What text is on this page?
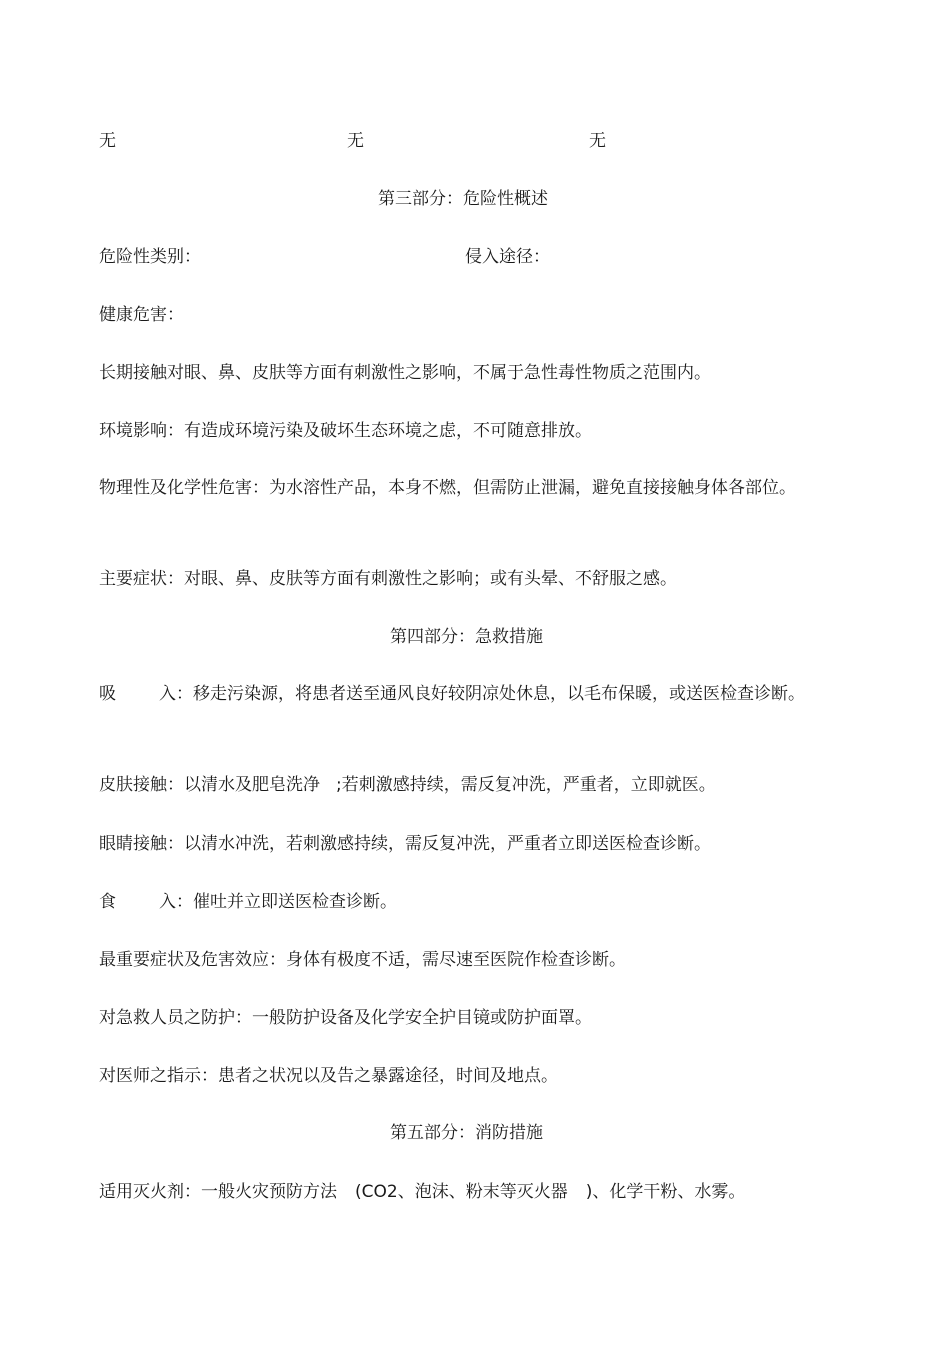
无	无	无
第三部分：危险性概述
危险性类别：	侵入途径：
健康危害：
长期接触对眼、鼻、皮肤等方面有刺激性之影响，不属于急性毒性物质之范围内。
环境影响：有造成环境污染及破坏生态环境之虑，不可随意排放。
物理性及化学性危害：为水溶性产品，本身不燃，但需防止泄漏，避免直接接触身体各部位。
主要症状：对眼、鼻、皮肤等方面有刺激性之影响；或有头晕、不舒服之感。
第四部分：急救措施
吸	入：移走污染源，将患者送至通风良好较阴凉处休息，以毛布保暖，或送医检查诊断。
皮肤接触：以清水及肥皂洗净 ;若刺激感持续，需反复冲洗，严重者，立即就医。
眼睛接触：以清水冲洗，若刺激感持续，需反复冲洗，严重者立即送医检查诊断。
食	入：催吐并立即送医检查诊断。
最重要症状及危害效应：身体有极度不适，需尽速至医院作检查诊断。
对急救人员之防护：一般防护设备及化学安全护目镜或防护面罩。
对医师之指示：患者之状况以及告之暴露途径，时间及地点。
第五部分：消防措施
适用灭火剂：一般火灾预防方法 (CO2、泡沫、粉末等灭火器 )、化学干粉、水雾。
